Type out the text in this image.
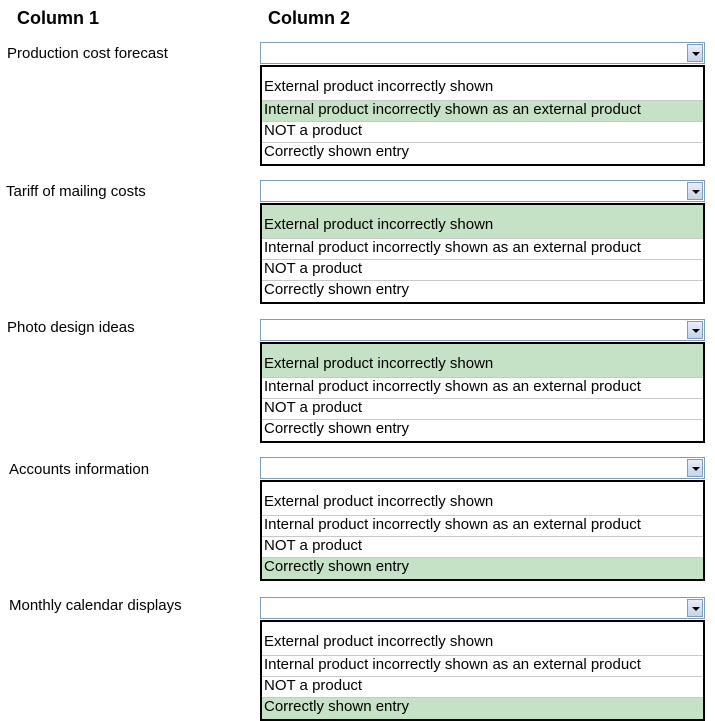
Column 1	Column 2
Production cost forecast
External product incorrectly shown
Internal product incorrectly shown as an external product
NOT a product
Correctly shown entry
Tariff of mailing costs
External product incorrectly shown
Internal product incorrectly shown as an external product
NOT a product
Correctly shown entry
Photo design ideas
External product incorrectly shown
Internal product incorrectly shown as an external product
NOT a product
Correctly shown entry
Accounts information
External product incorrectly shown
Internal product incorrectly shown as an external product
NOT a product
Correctly shown entry
Monthly calendar displays
External product incorrectly shown
Internal product incorrectly shown as an external product
NOT a product
Correctly shown entry
